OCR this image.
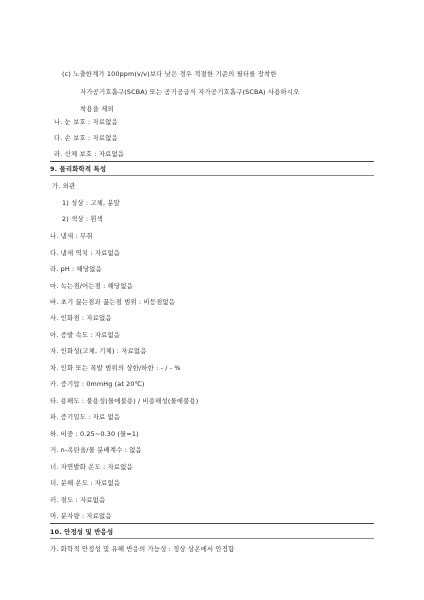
(c) 노출한계가 100ppm(v/v)보다 낮은 경우 적절한 기준의 필터를 장착한
자가공기호흡구(SCBA) 또는 공기공급식 자가공기호흡구(SCBA) 사용하시오
착용을 제외
나. 눈 보호 : 자료없음
다. 손 보호 : 자료없음
라. 신체 보호 : 자료없음
9. 물리화학적 특성
가. 외관
1) 성상 : 고체, 분말
2) 색상 : 흰색
나. 냄새 : 무취
다. 냄새 역치 : 자료없음
라. pH : 해당없음
마. 녹는점/어는점 : 해당없음
바. 초기 끓는점과 끓는점 범위 : 비등점없음
사. 인화점 : 자료없음
아. 증발 속도 : 자료없음
자. 인화성(고체, 기체) : 자료없음
차. 인화 또는 폭발 범위의 상한/하한 : - / - %
카. 증기압 : 0mmHg (at 20℃)
타. 용해도 : 불용성(물에불용) / 비용해성(물에불용)
파. 증기밀도 : 자료 없음
하. 비중 : 0.25~0.30 (물=1)
거. n-옥탄올/물 분배계수 : 없음
너. 자연발화 온도 : 자료없음
더. 분해 온도 : 자료없음
러. 점도 : 자료없음
머. 분자량 : 자료없음
10. 안정성 및 반응성
가. 화학적 안정성 및 유해 반응의 가능성 : 정상 상온에서 안정함
